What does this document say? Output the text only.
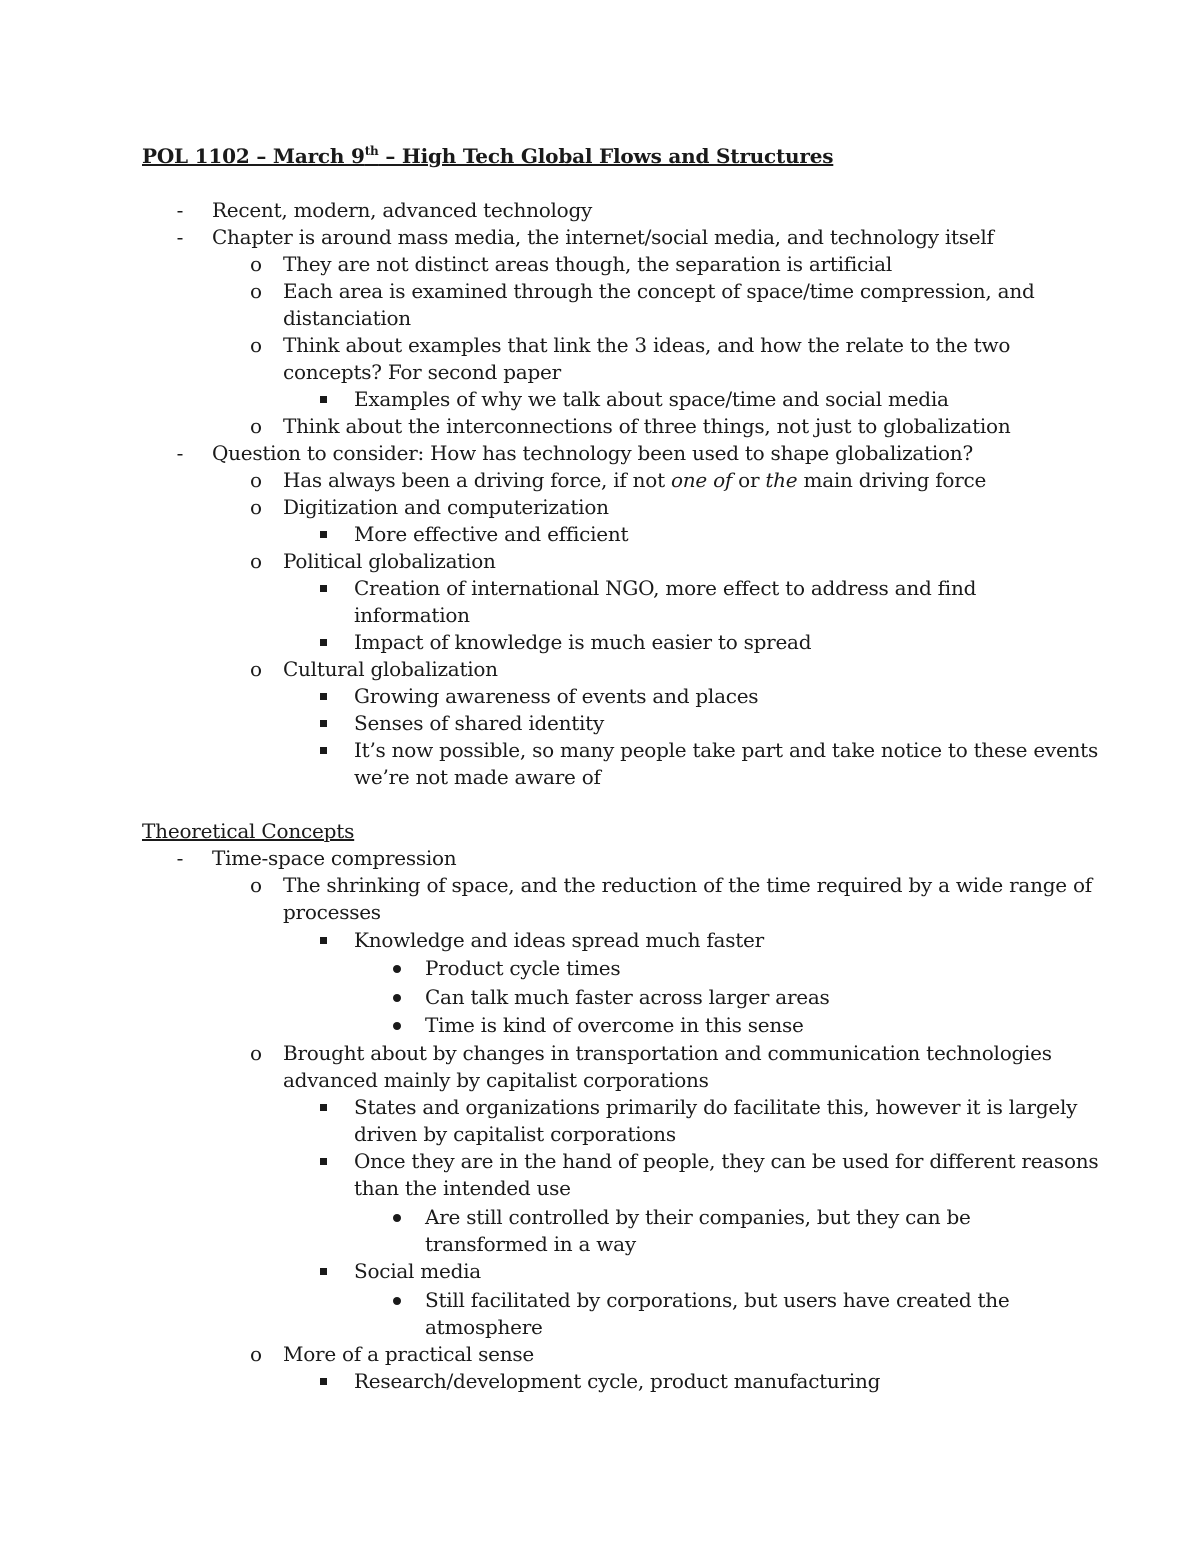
POL 1102 – March 9th – High Tech Global Flows and Structures
-	Recent, modern, advanced technology
-	Chapter is around mass media, the internet/social media, and technology itself
o They are not distinct areas though, the separation is artificial
o Each area is examined through the concept of space/time compression, and
distanciation
o Think about examples that link the 3 ideas, and how the relate to the two
concepts? For second paper
Examples of why we talk about space/time and social media
o Think about the interconnections of three things, not just to globalization
-	Question to consider: How has technology been used to shape globalization?
o Has always been a driving force, if not one of or the main driving force
o Digitization and computerization
More effective and efficient
o Political globalization
Creation of international NGO, more effect to address and find
information
Impact of knowledge is much easier to spread
o Cultural globalization
Growing awareness of events and places
Senses of shared identity
It’s now possible, so many people take part and take notice to these events
we’re not made aware of
Theoretical Concepts
-	Time-space compression
o The shrinking of space, and the reduction of the time required by a wide range of
processes
Knowledge and ideas spread much faster
Product cycle times
Can talk much faster across larger areas
Time is kind of overcome in this sense
o Brought about by changes in transportation and communication technologies
advanced mainly by capitalist corporations
States and organizations primarily do facilitate this, however it is largely
driven by capitalist corporations
Once they are in the hand of people, they can be used for different reasons
than the intended use
Are still controlled by their companies, but they can be
transformed in a way
Social media
Still facilitated by corporations, but users have created the
atmosphere
o More of a practical sense
Research/development cycle, product manufacturing
